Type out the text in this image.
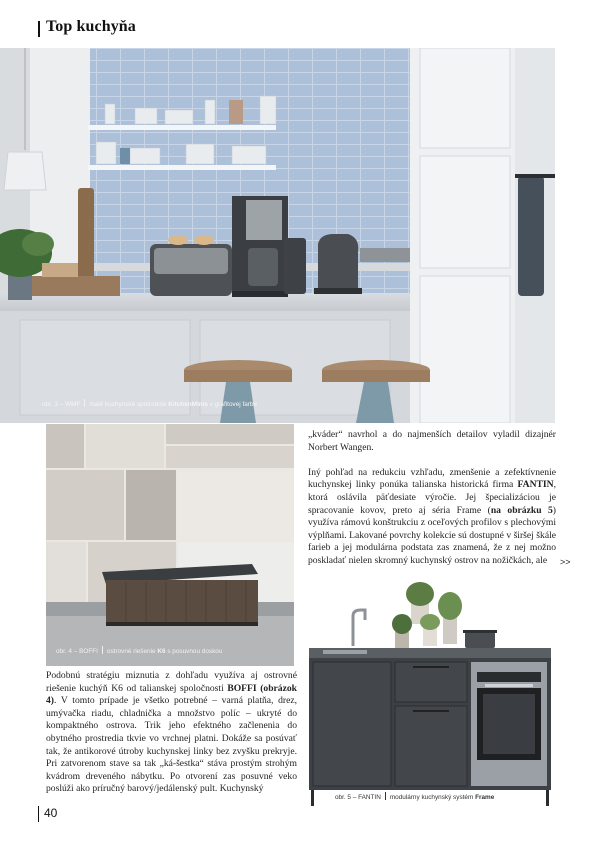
Top kuchyňa
obr. 3 – WMF malé kuchynské spotrebiče KitchenMinis v grafitovej farbe
obr. 4 – BOFFI ostrovné riešenie K6 s posuvnou doskou

„kváder“ navrhol a do najmenších detailov vyladil dizajnér Norbert Wangen.

Iný pohľad na redukciu vzhľadu, zmenšenie a zefektívnenie kuchynskej linky ponúka talianska historická firma FANTIN, ktorá oslávila päťdesiate výročie. Jej špecializáciou je spracovanie kovov, preto aj séria Frame (na obrázku 5) využíva rámovú konštrukciu z oceľových profilov s plechovými výplňami. Lakované povrchy kolekcie sú dostupné v širšej škále farieb a jej modulárna podstata zas znamená, že z nej možno poskladať nielen skromný kuchynský ostrov na nožičkách, ale	>>
obr. 5 – FANTIN modulárny kuchynský systém Frame

Podobnú stratégiu miznutia z dohľadu využíva aj ostrovné riešenie kuchýň K6 od talianskej spoločnosti BOFFI (obrázok 4). V tomto prípade je všetko potrebné – varná platňa, drez, umývačka riadu, chladnička a množstvo políc – ukryté do kompaktného ostrova. Trik jeho efektného začlenenia do obytného prostredia tkvie vo vrchnej platni. Dokáže sa posúvať tak, že antikorové útroby kuchynskej linky bez zvyšku prekryje. Pri zatvorenom stave sa tak „ká-šestka“ stáva prostým strohým kvádrom dreveného nábytku. Po otvorení zas posuvné veko poslúži ako príručný barový/jedálenský pult. Kuchynský

40
